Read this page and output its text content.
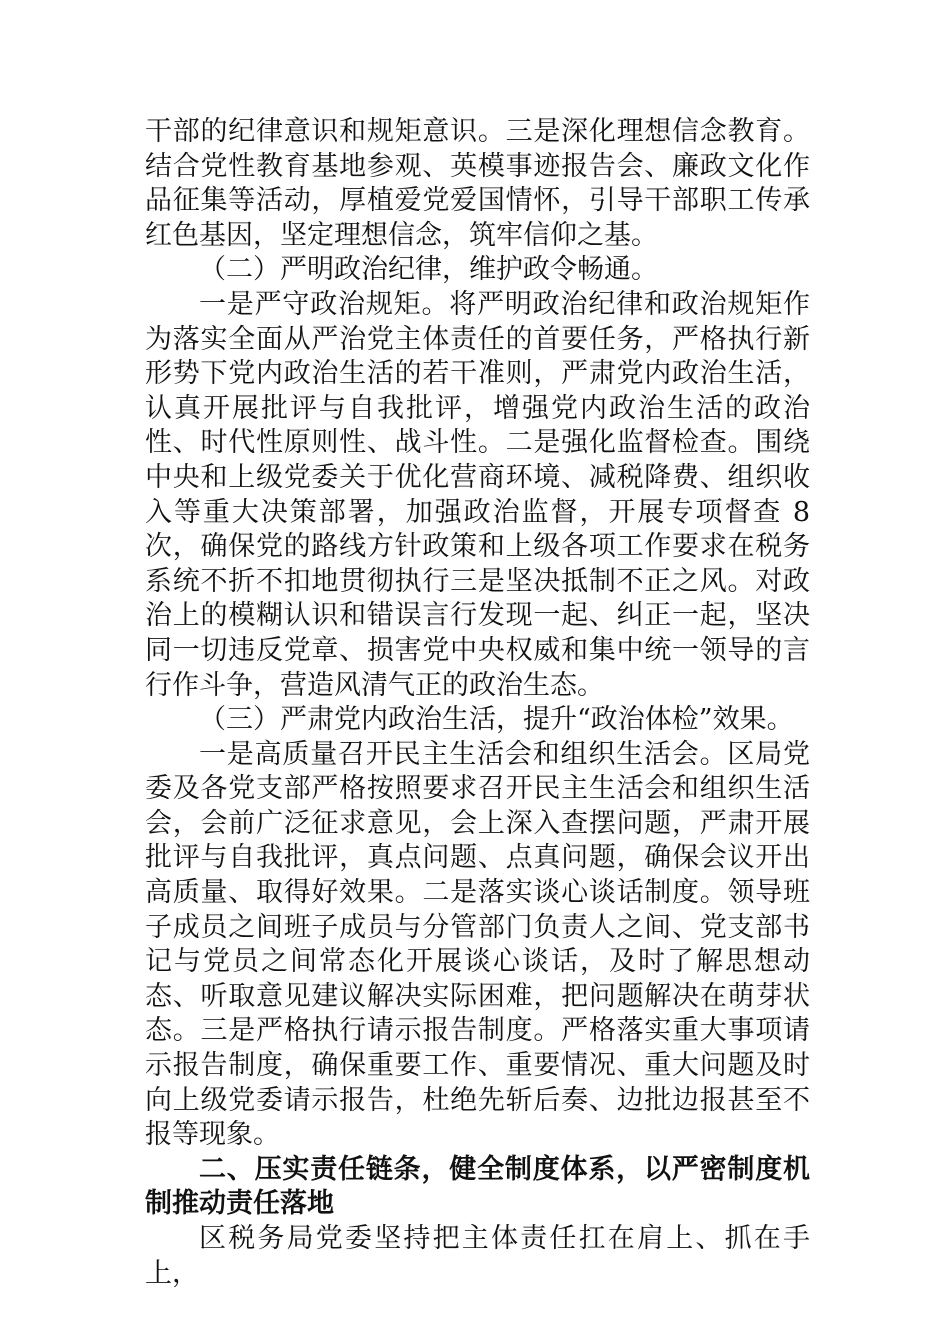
干部的纪律意识和规矩意识。三是深化理想信念教育。结合党性教育基地参观、英模事迹报告会、廉政文化作品征集等活动，厚植爱党爱国情怀，引导干部职工传承红色基因，坚定理想信念，筑牢信仰之基。

（二）严明政治纪律，维护政令畅通。

一是严守政治规矩。将严明政治纪律和政治规矩作为落实全面从严治党主体责任的首要任务，严格执行新形势下党内政治生活的若干准则，严肃党内政治生活，认真开展批评与自我批评，增强党内政治生活的政治性、时代性原则性、战斗性。二是强化监督检查。围绕中央和上级党委关于优化营商环境、减税降费、组织收入等重大决策部署，加强政治监督，开展专项督查 8 次，确保党的路线方针政策和上级各项工作要求在税务系统不折不扣地贯彻执行三是坚决抵制不正之风。对政治上的模糊认识和错误言行发现一起、纠正一起，坚决同一切违反党章、损害党中央权威和集中统一领导的言行作斗争，营造风清气正的政治生态。

（三）严肃党内政治生活，提升“政治体检”效果。

一是高质量召开民主生活会和组织生活会。区局党委及各党支部严格按照要求召开民主生活会和组织生活会，会前广泛征求意见，会上深入查摆问题，严肃开展批评与自我批评，真点问题、点真问题，确保会议开出高质量、取得好效果。二是落实谈心谈话制度。领导班子成员之间班子成员与分管部门负责人之间、党支部书记与党员之间常态化开展谈心谈话，及时了解思想动态、听取意见建议解决实际困难，把问题解决在萌芽状态。三是严格执行请示报告制度。严格落实重大事项请示报告制度，确保重要工作、重要情况、重大问题及时向上级党委请示报告，杜绝先斩后奏、边批边报甚至不报等现象。

二、压实责任链条，健全制度体系，以严密制度机制推动责任落地

区税务局党委坚持把主体责任扛在肩上、抓在手上，
